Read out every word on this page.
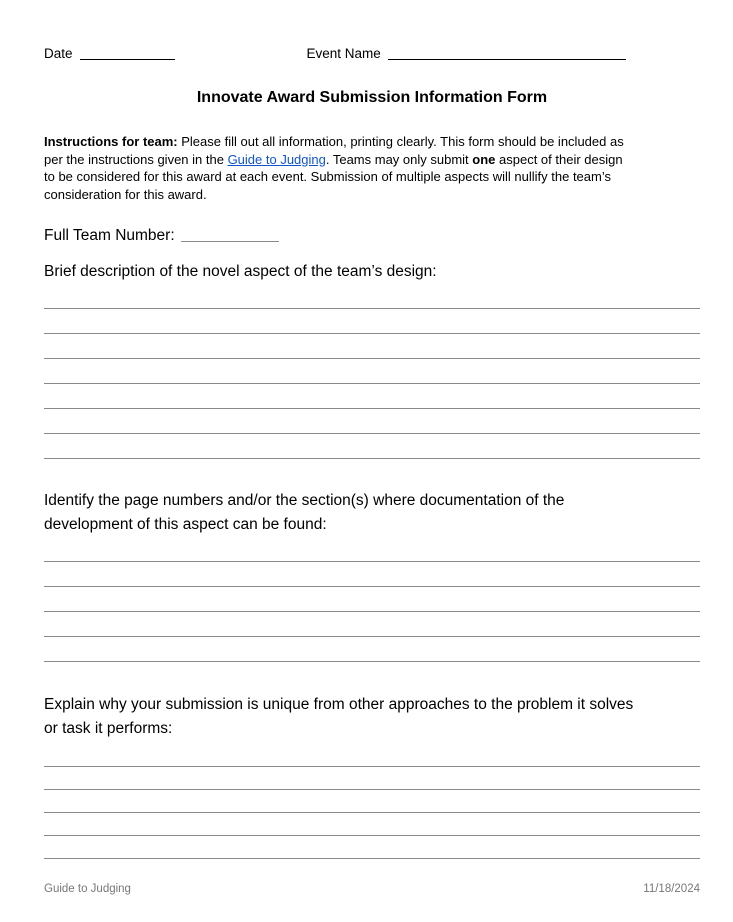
Date	Event Name
Innovate Award Submission Information Form

Instructions for team: Please fill out all information, printing clearly. This form should be included as
per the instructions given in the Guide to Judging. Teams may only submit one aspect of their design
to be considered for this award at each event. Submission of multiple aspects will nullify the team’s
consideration for this award.

Full Team Number:

Brief description of the novel aspect of the team’s design:

Identify the page numbers and/or the section(s) where documentation of the
development of this aspect can be found:

Explain why your submission is unique from other approaches to the problem it solves
or task it performs:

Guide to Judging	11/18/2024
